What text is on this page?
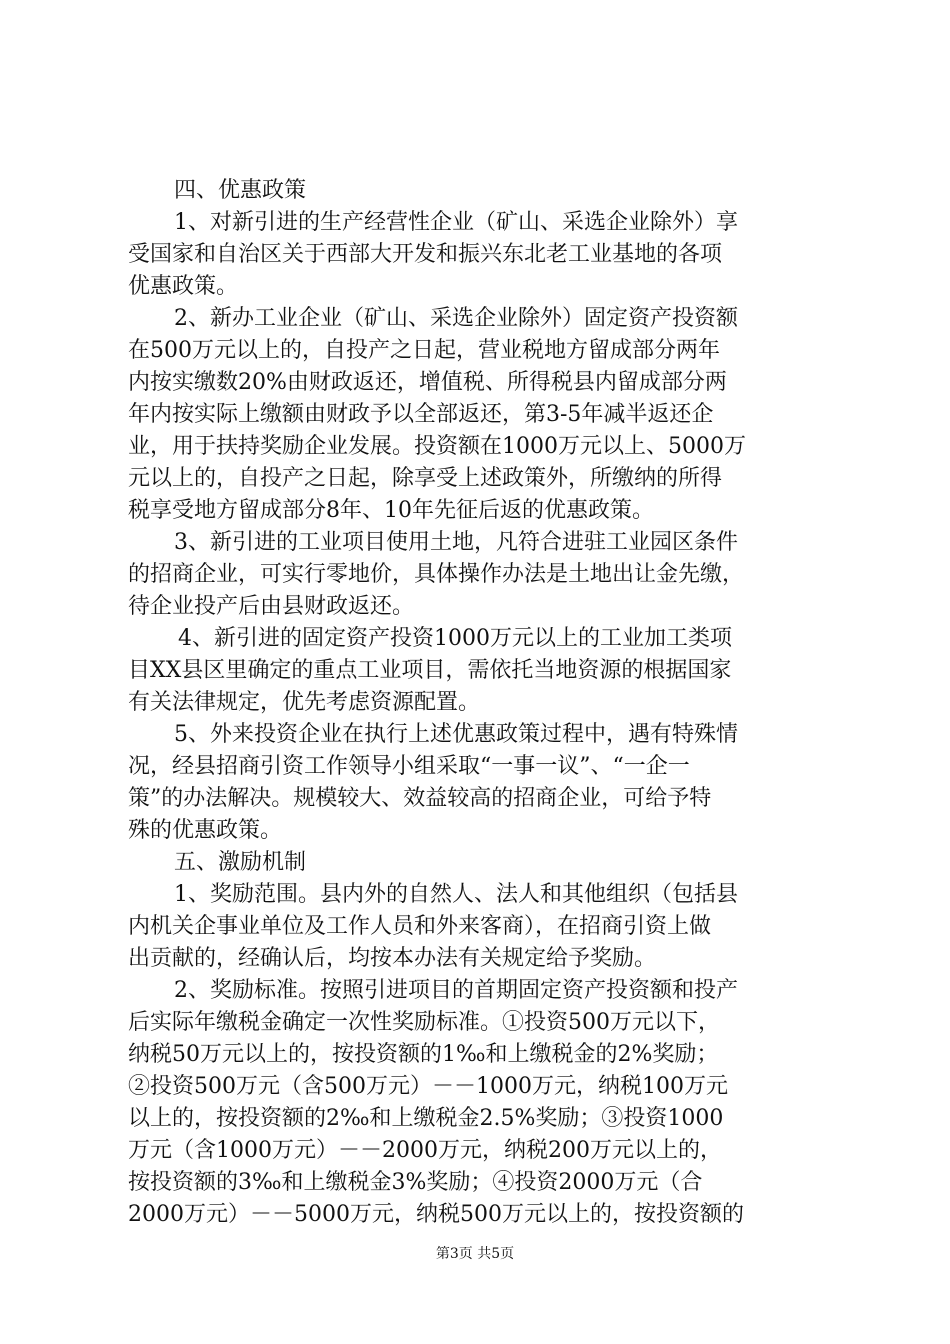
四、优惠政策
1、对新引进的生产经营性企业（矿山、采选企业除外）享
受国家和自治区关于西部大开发和振兴东北老工业基地的各项
优惠政策。
2、新办工业企业（矿山、采选企业除外）固定资产投资额
在500万元以上的，自投产之日起，营业税地方留成部分两年
内按实缴数20%由财政返还，增值税、所得税县内留成部分两
年内按实际上缴额由财政予以全部返还，第3-5年减半返还企
业，用于扶持奖励企业发展。投资额在1000万元以上、5000万
元以上的，自投产之日起，除享受上述政策外，所缴纳的所得
税享受地方留成部分8年、10年先征后返的优惠政策。
3、新引进的工业项目使用土地，凡符合进驻工业园区条件
的招商企业，可实行零地价，具体操作办法是土地出让金先缴，
待企业投产后由县财政返还。
4、新引进的固定资产投资1000万元以上的工业加工类项
目XX县区里确定的重点工业项目，需依托当地资源的根据国家
有关法律规定，优先考虑资源配置。
5、外来投资企业在执行上述优惠政策过程中，遇有特殊情
况，经县招商引资工作领导小组采取“一事一议”、“一企一
策”的办法解决。规模较大、效益较高的招商企业，可给予特
殊的优惠政策。
五、激励机制
1、奖励范围。县内外的自然人、法人和其他组织（包括县
内机关企事业单位及工作人员和外来客商），在招商引资上做
出贡献的，经确认后，均按本办法有关规定给予奖励。
2、奖励标准。按照引进项目的首期固定资产投资额和投产
后实际年缴税金确定一次性奖励标准。①投资500万元以下，
纳税50万元以上的，按投资额的1‰和上缴税金的2%奖励；
②投资500万元（含500万元）－－1000万元，纳税100万元
以上的，按投资额的2‰和上缴税金2.5%奖励；③投资1000
万元（含1000万元）－－2000万元，纳税200万元以上的，
按投资额的3‰和上缴税金3%奖励；④投资2000万元（合
2000万元）－－5000万元，纳税500万元以上的，按投资额的
第3页 共5页
